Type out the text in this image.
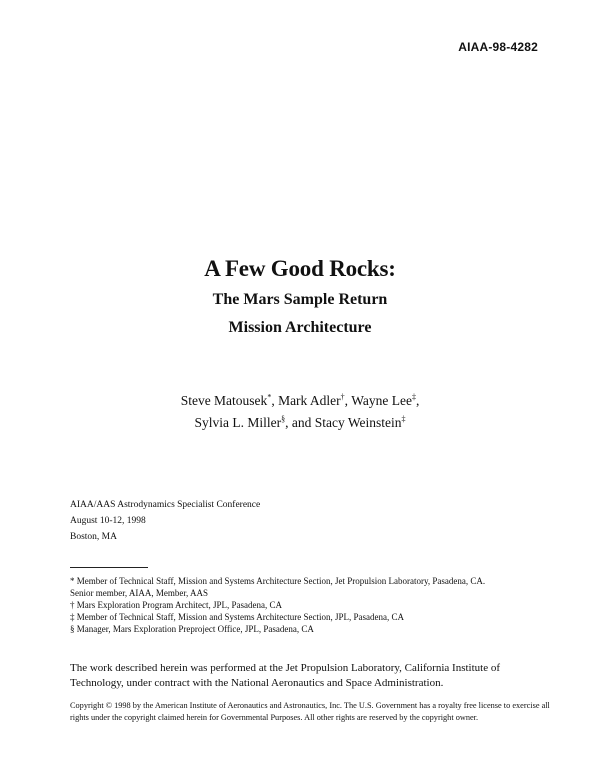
AIAA-98-4282
A Few Good Rocks:
The Mars Sample Return
Mission Architecture
Steve Matousek*, Mark Adler†, Wayne Lee‡,
Sylvia L. Miller§, and Stacy Weinstein‡
AIAA/AAS Astrodynamics Specialist Conference
August 10-12, 1998
Boston, MA
* Member of Technical Staff, Mission and Systems Architecture Section, Jet Propulsion Laboratory, Pasadena, CA.
Senior member, AIAA, Member, AAS
† Mars Exploration Program Architect, JPL, Pasadena, CA
‡ Member of Technical Staff, Mission and Systems Architecture Section, JPL, Pasadena, CA
§ Manager, Mars Exploration Preproject Office, JPL, Pasadena, CA
The work described herein was performed at the Jet Propulsion Laboratory, California Institute of Technology, under contract with the National Aeronautics and Space Administration.
Copyright © 1998 by the American Institute of Aeronautics and Astronautics, Inc. The U.S. Government has a royalty free license to exercise all rights under the copyright claimed herein for Governmental Purposes. All other rights are reserved by the copyright owner.
